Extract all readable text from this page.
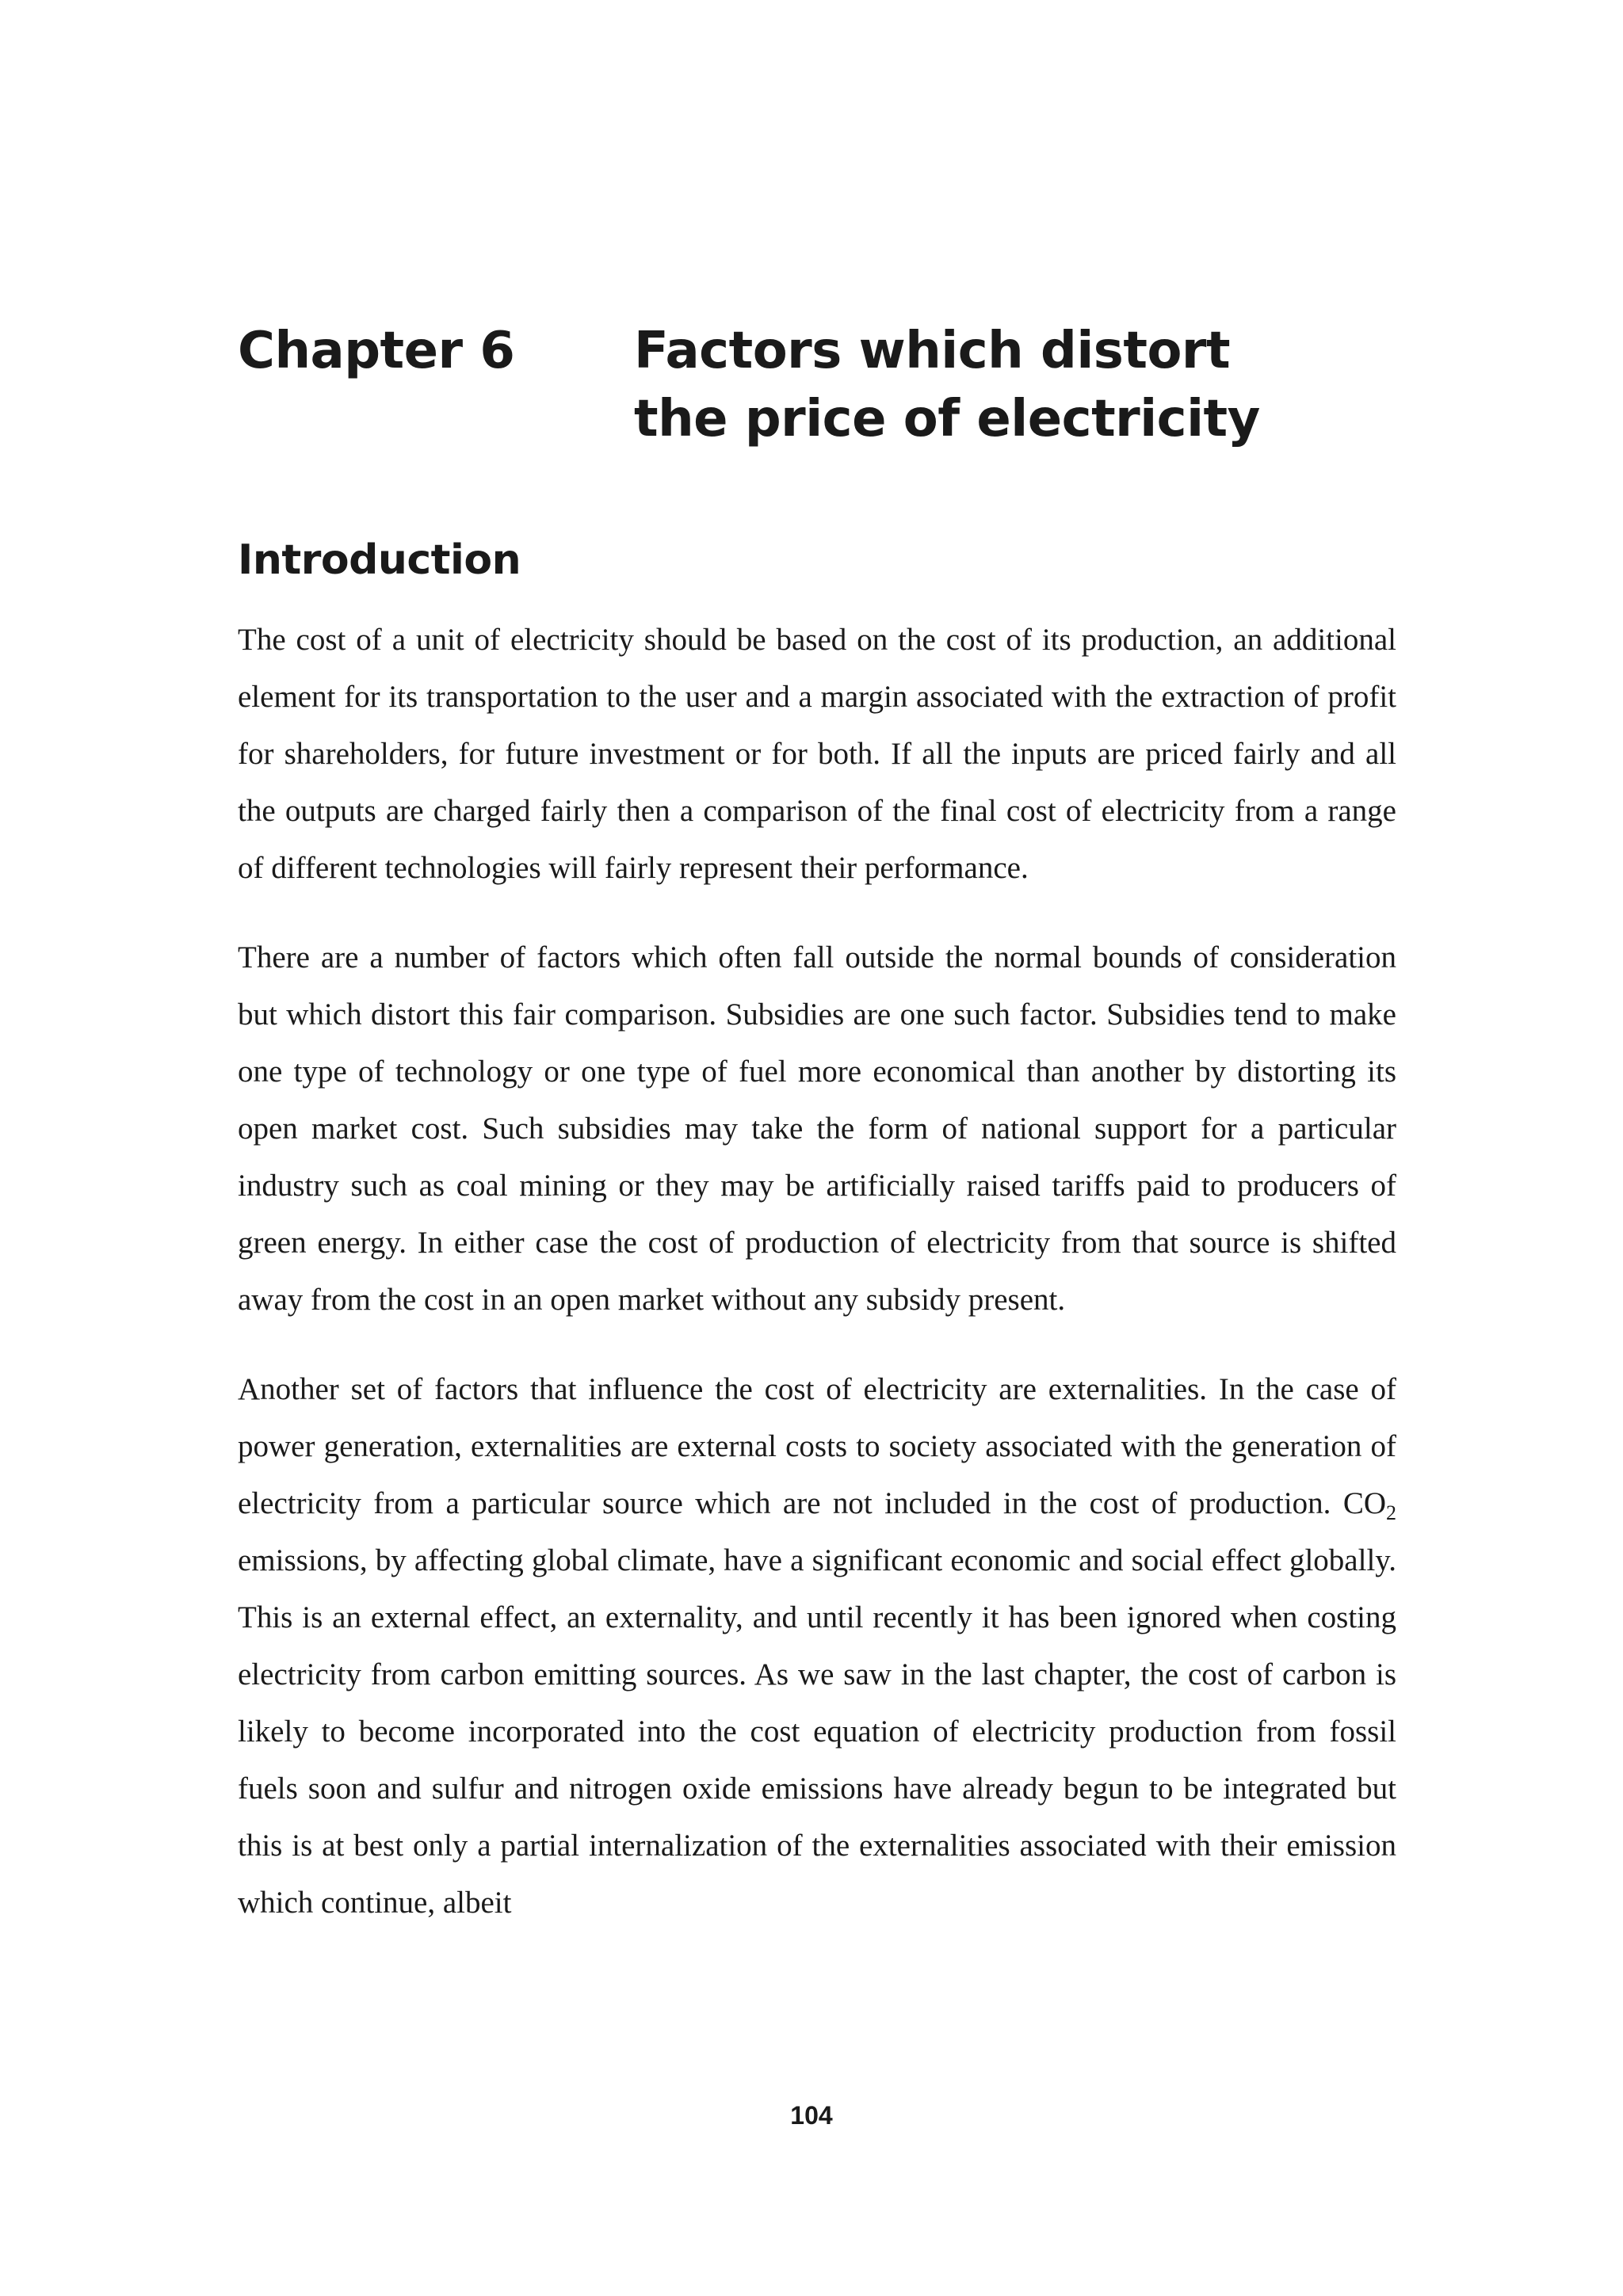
Chapter 6	Factors which distort the price of electricity
Introduction

The cost of a unit of electricity should be based on the cost of its production, an additional element for its transportation to the user and a margin associated with the extraction of profit for shareholders, for future investment or for both. If all the inputs are priced fairly and all the outputs are charged fairly then a comparison of the final cost of electricity from a range of different technologies will fairly represent their performance.

There are a number of factors which often fall outside the normal bounds of consideration but which distort this fair comparison. Subsidies are one such factor. Subsidies tend to make one type of technology or one type of fuel more economical than another by distorting its open market cost. Such subsidies may take the form of national support for a particular industry such as coal mining or they may be artificially raised tariffs paid to producers of green energy. In either case the cost of production of electricity from that source is shifted away from the cost in an open market without any subsidy present.

Another set of factors that influence the cost of electricity are externalities. In the case of power generation, externalities are external costs to society associated with the generation of electricity from a particular source which are not included in the cost of production. $CO_2$ emissions, by affecting global climate, have a significant economic and social effect globally. This is an external effect, an externality, and until recently it has been ignored when costing electricity from carbon emitting sources. As we saw in the last chapter, the cost of carbon is likely to become incorporated into the cost equation of electricity production from fossil fuels soon and sulfur and nitrogen oxide emissions have already begun to be integrated but this is at best only a partial internalization of the externalities associated with their emission which continue, albeit

104
